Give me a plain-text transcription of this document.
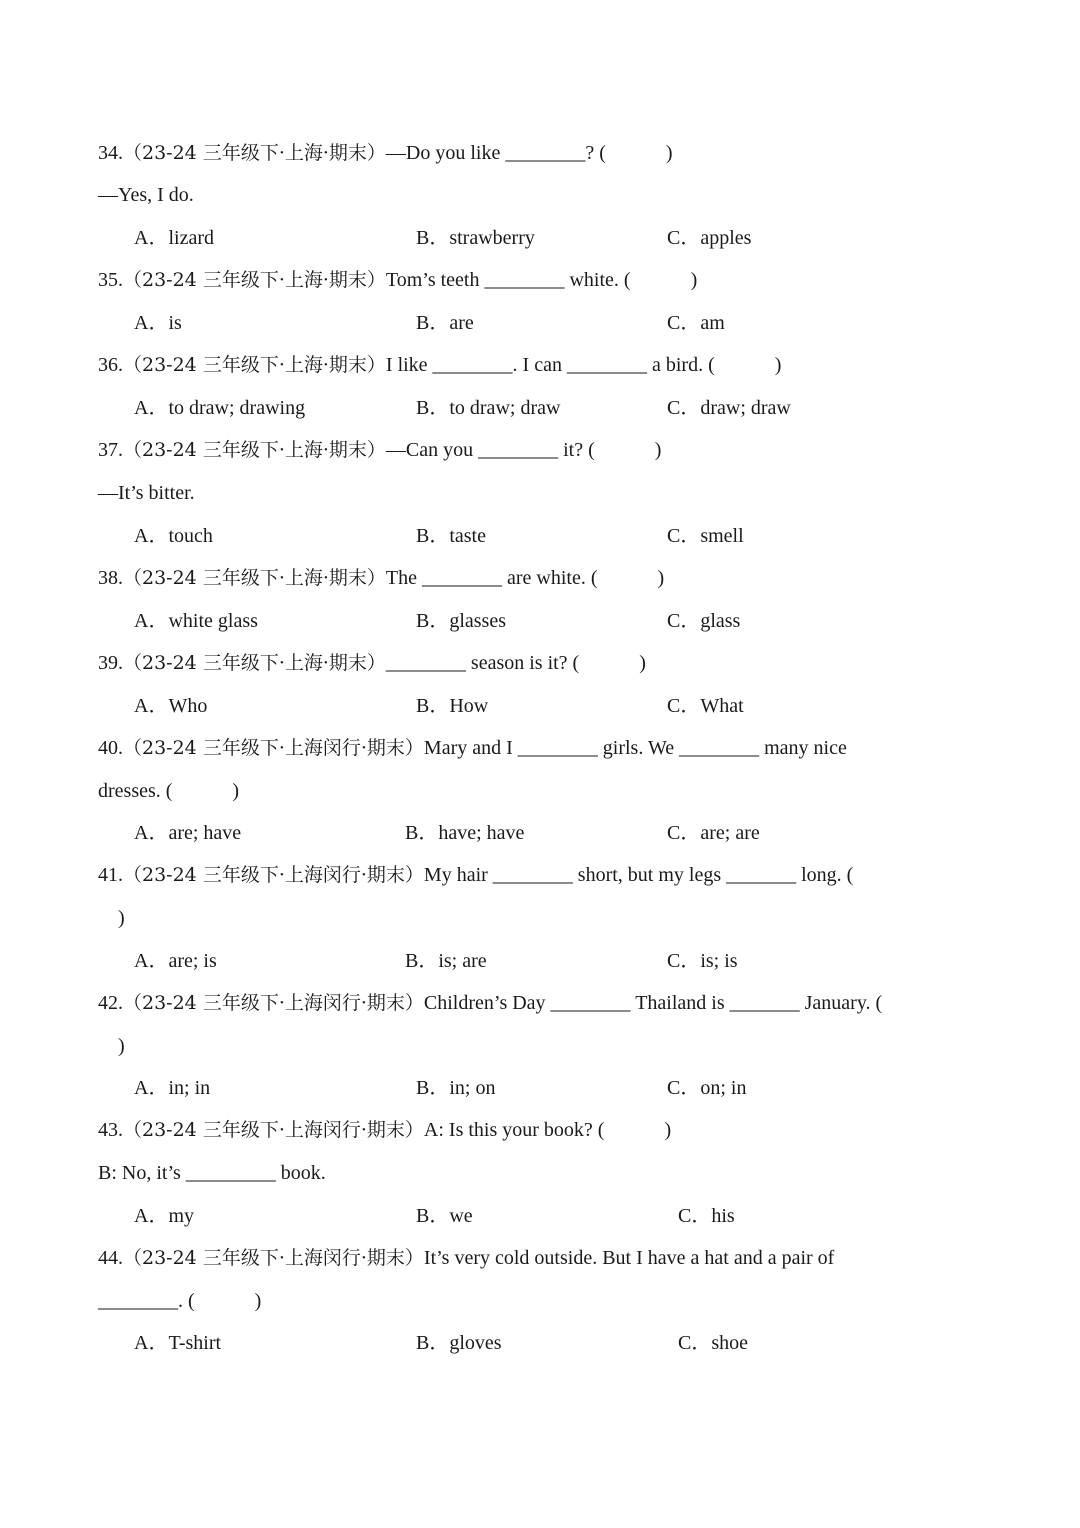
34.（23-24 三年级下·上海·期末）—Do you like ________? (　　　)
—Yes, I do.
A．lizard	B．strawberry	C．apples
35.（23-24 三年级下·上海·期末）Tom’s teeth ________ white. (　　　)
A．is	B．are	C．am
36.（23-24 三年级下·上海·期末）I like ________. I can ________ a bird. (　　　)
A．to draw; drawing	B．to draw; draw	C．draw; draw
37.（23-24 三年级下·上海·期末）—Can you ________ it? (　　　)
—It’s bitter.
A．touch	B．taste	C．smell
38.（23-24 三年级下·上海·期末）The ________ are white. (　　　)
A．white glass	B．glasses	C．glass
39.（23-24 三年级下·上海·期末）________ season is it? (　　　)
A．Who	B．How	C．What
40.（23-24 三年级下·上海闵行·期末）Mary and I ________ girls. We ________ many nice
dresses. (　　　)
A．are; have	B．have; have	C．are; are
41.（23-24 三年级下·上海闵行·期末）My hair ________ short, but my legs _______ long. (
　)
A．are; is	B．is; are	C．is; is
42.（23-24 三年级下·上海闵行·期末）Children’s Day ________ Thailand is _______ January. (
　)
A．in; in	B．in; on	C．on; in
43.（23-24 三年级下·上海闵行·期末）A: Is this your book? (　　　)
B: No, it’s _________ book.
A．my	B．we	C．his
44.（23-24 三年级下·上海闵行·期末）It’s very cold outside. But I have a hat and a pair of
________. (　　　)
A．T-shirt	B．gloves	C．shoe
